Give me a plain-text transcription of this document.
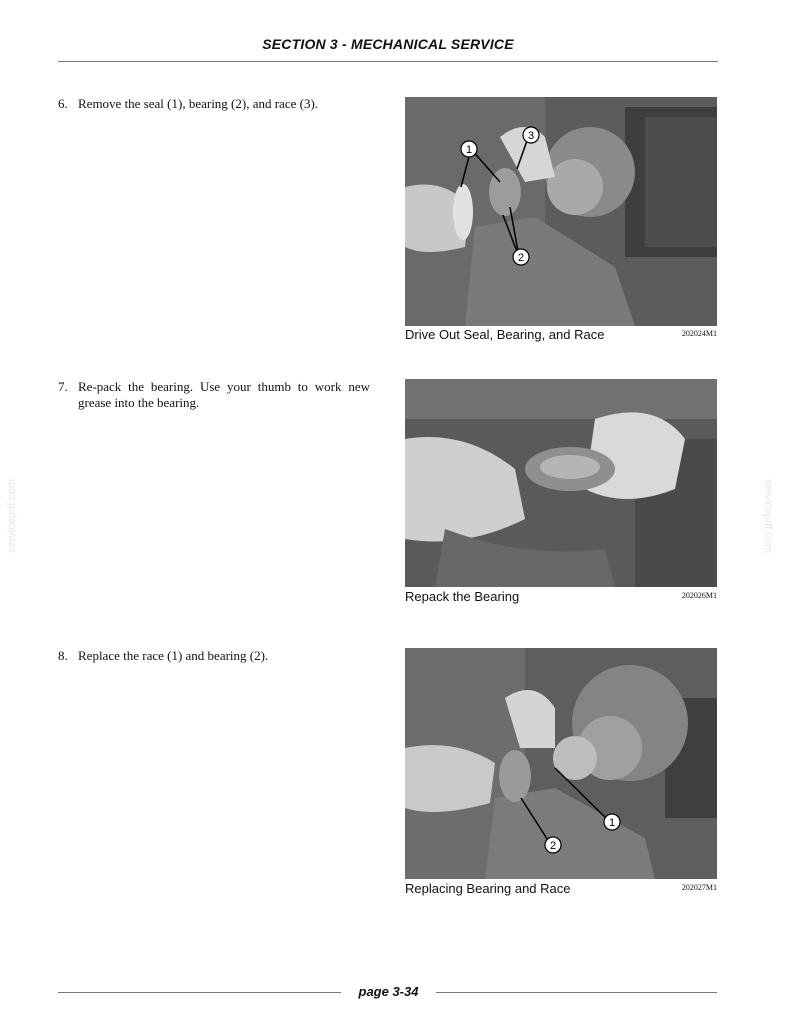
SECTION 3 - MECHANICAL SERVICE
6. Remove the seal (1), bearing (2), and race (3).
1
3
2
Drive Out Seal, Bearing, and Race	202024M1
7. Re-pack the bearing. Use your thumb to work new grease into the bearing.
Repack the Bearing	202026M1
8. Replace the race (1) and bearing (2).
1
2
Replacing Bearing and Race	202027M1
servicepdf.com	servicepdf.com
page 3-34
